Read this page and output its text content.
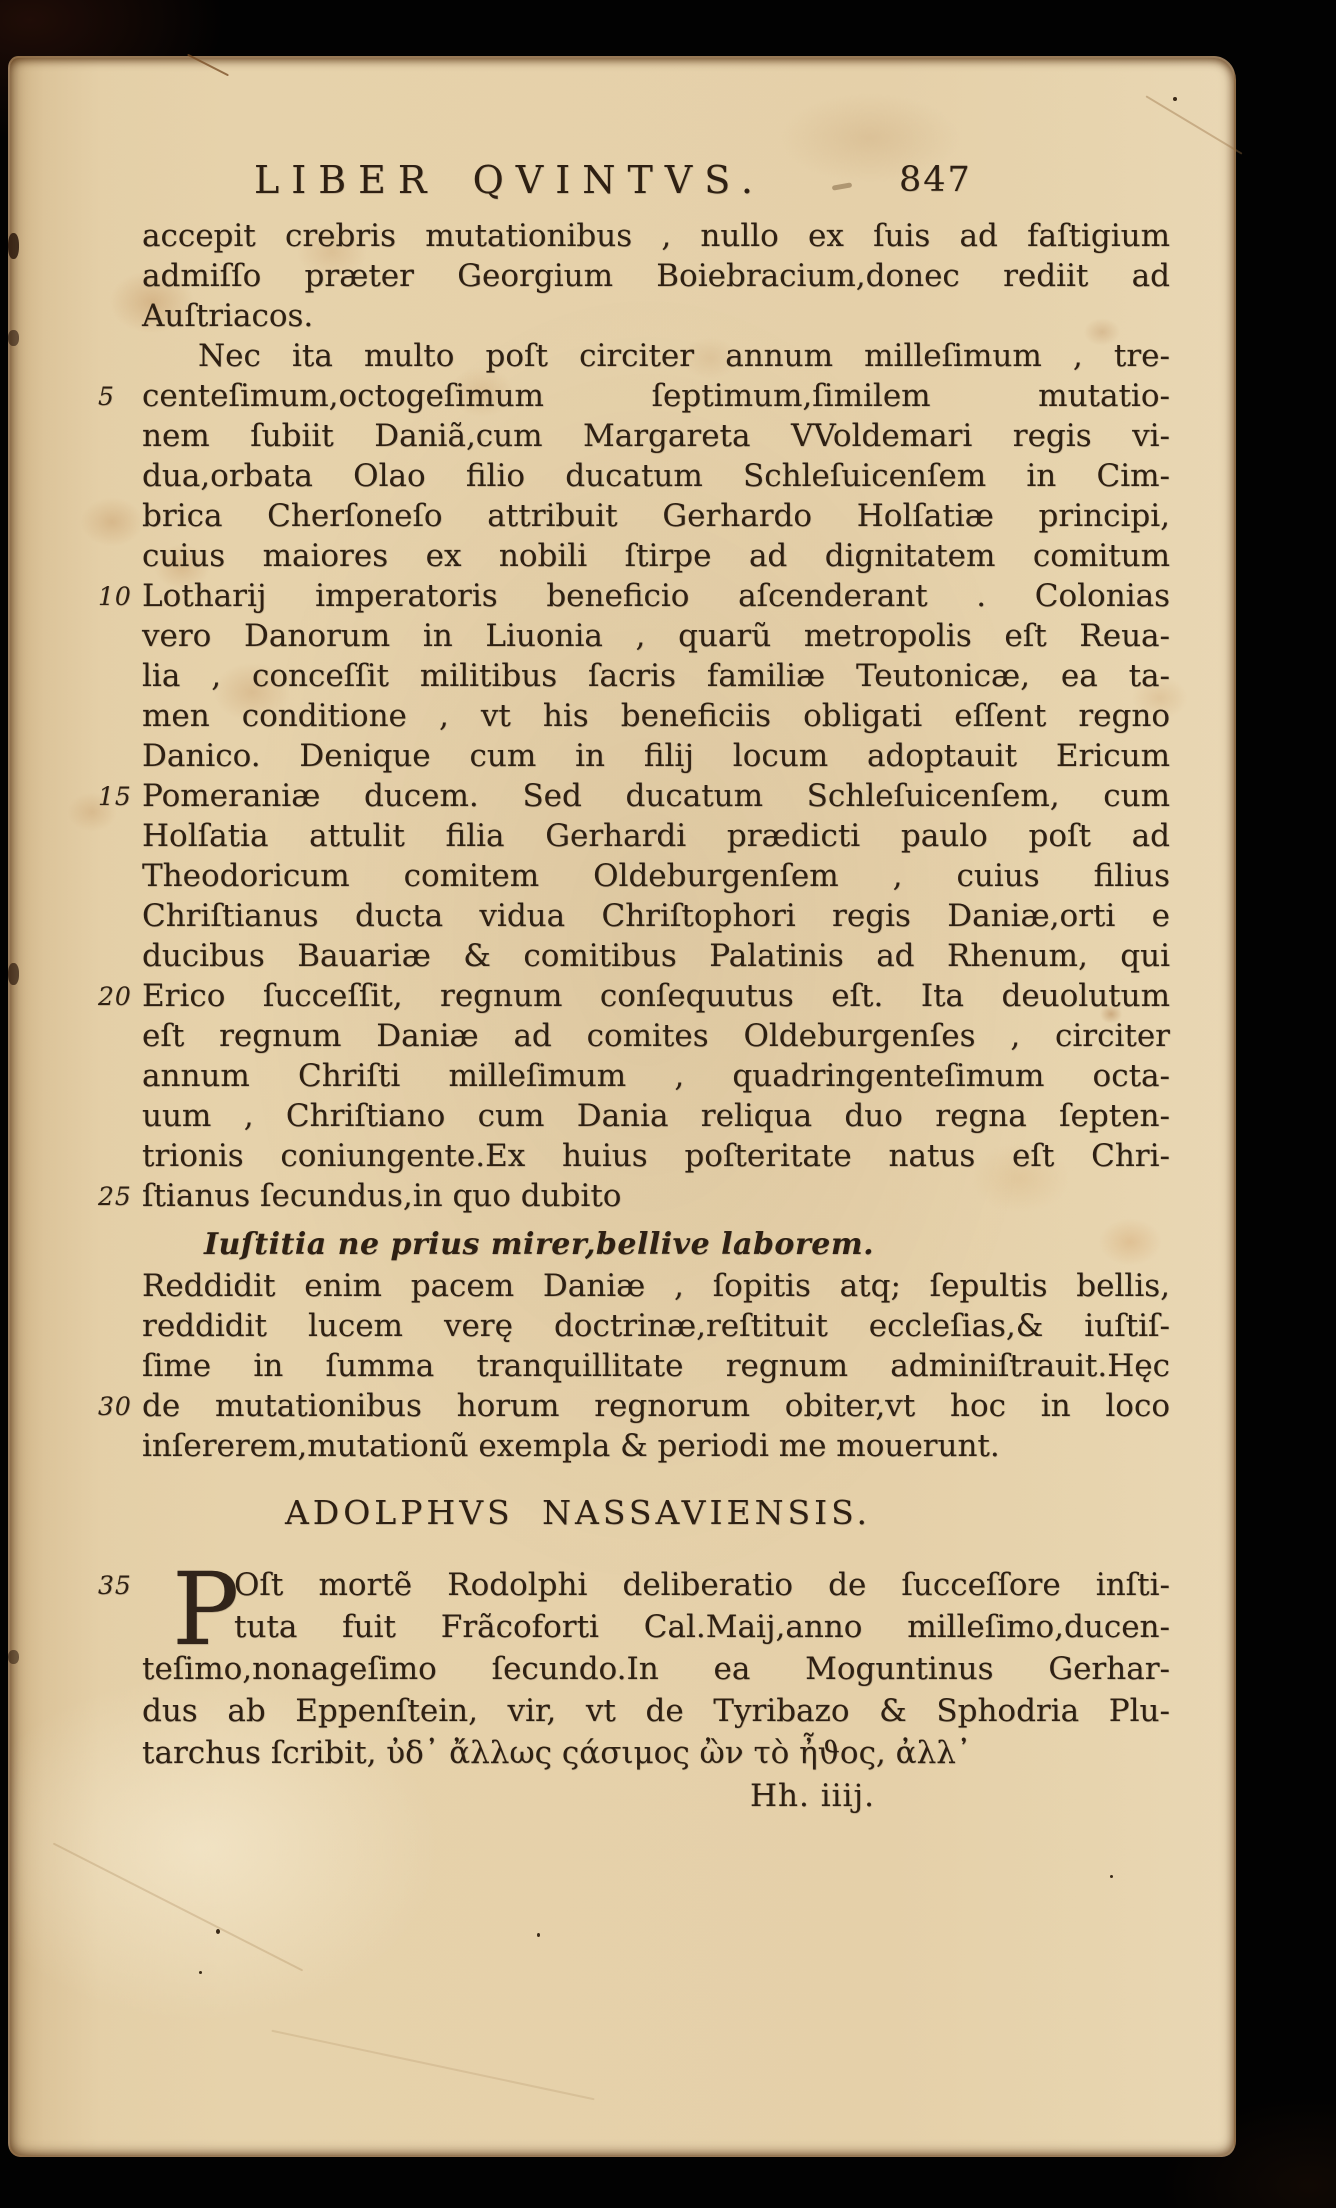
LIBER QVINTVS.	847
accepit crebris mutationibus , nullo ex ſuis ad faſtigium
admiſſo præter Georgium Boiebracium,donec rediit ad
Auſtriacos.
Nec ita multo poſt circiter annum milleſimum , tre-
5 centeſimum,octogeſimum ſeptimum,ſimilem mutatio-
nem ſubiit Daniã,cum Margareta VVoldemari regis vi-
dua,orbata Olao filio ducatum Schleſuicenſem in Cim-
brica Cherſoneſo attribuit Gerhardo Holſatiæ principi,
cuius maiores ex nobili ſtirpe ad dignitatem comitum
10 Lotharij imperatoris beneficio aſcenderant . Colonias
vero Danorum in Liuonia , quarũ metropolis eſt Reua-
lia , conceſſit militibus ſacris familiæ Teutonicæ, ea ta-
men conditione , vt his beneficiis obligati eſſent regno
Danico. Denique cum in filij locum adoptauit Ericum
15 Pomeraniæ ducem. Sed ducatum Schleſuicenſem, cum
Holſatia attulit filia Gerhardi prædicti paulo poſt ad
Theodoricum comitem Oldeburgenſem , cuius filius
Chriſtianus ducta vidua Chriſtophori regis Daniæ,orti e
ducibus Bauariæ & comitibus Palatinis ad Rhenum, qui
20 Erico ſucceſſit, regnum conſequutus eſt. Ita deuolutum
eſt regnum Daniæ ad comites Oldeburgenſes , circiter
annum Chriſti milleſimum , quadringenteſimum octa-
uum , Chriſtiano cum Dania reliqua duo regna ſepten-
trionis coniungente.Ex huius poſteritate natus eſt Chri-
25 ſtianus ſecundus,in quo dubito
Iuſtitia ne prius mirer,bellive laborem.
Reddidit enim pacem Daniæ , ſopitis atq; ſepultis bellis,
reddidit lucem verę doctrinæ,reſtituit eccleſias,& iuſtiſ-
ſime in ſumma tranquillitate regnum adminiſtrauit.Hęc
30 de mutationibus horum regnorum obiter,vt hoc in loco
inſererem,mutationũ exempla & periodi me mouerunt.
ADOLPHVS NASSAVIENSIS.
P
35	Oſt mortẽ Rodolphi deliberatio de ſucceſſore inſti-
tuta fuit Frãcoforti Cal.Maij,anno milleſimo,ducen-
teſimo,nonageſimo ſecundo.In ea Moguntinus Gerhar-
dus ab Eppenſtein, vir, vt de Tyribazo & Sphodria Plu-
tarchus ſcribit, ὐδ᾽ ἄλλως ςάσιμος ὢν τὸ ἦϑος, ἀλλ᾽
Hh. iiij.
